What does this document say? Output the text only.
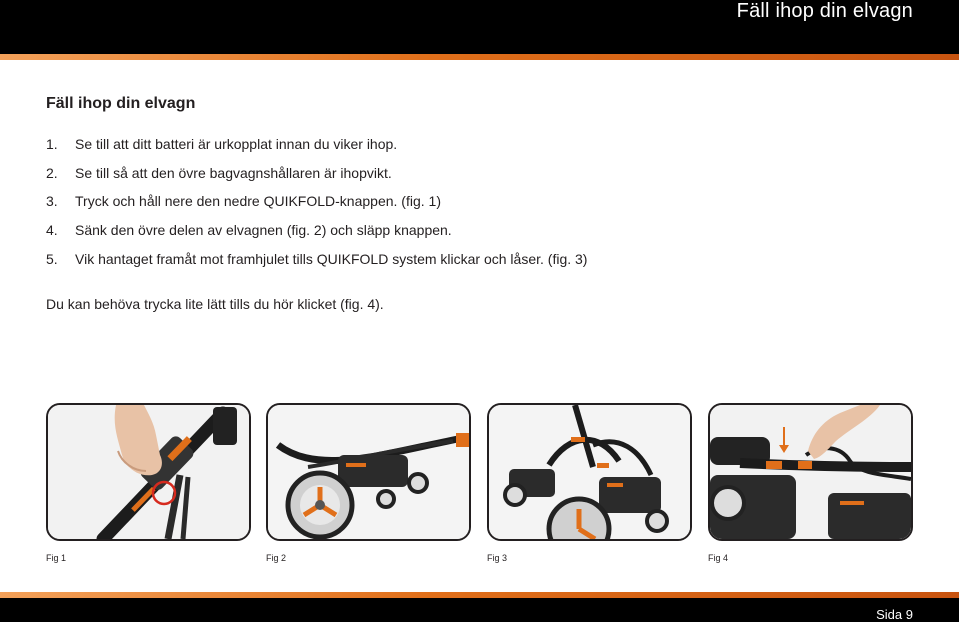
Fäll ihop din elvagn
Fäll ihop din elvagn
1. Se till att ditt batteri är urkopplat innan du viker ihop.
2. Se till så att den övre bagvagnshållaren är ihopvikt.
3. Tryck och håll nere den nedre QUIKFOLD-knappen. (fig. 1)
4. Sänk den övre delen av elvagnen (fig. 2) och släpp knappen.
5. Vik hantaget framåt mot framhjulet tills QUIKFOLD system klickar och låser. (fig. 3)

Du kan behöva trycka lite lätt tills du hör klicket (fig. 4).

Fig 1	Fig 2	Fig 3	Fig 4
Sida 9
